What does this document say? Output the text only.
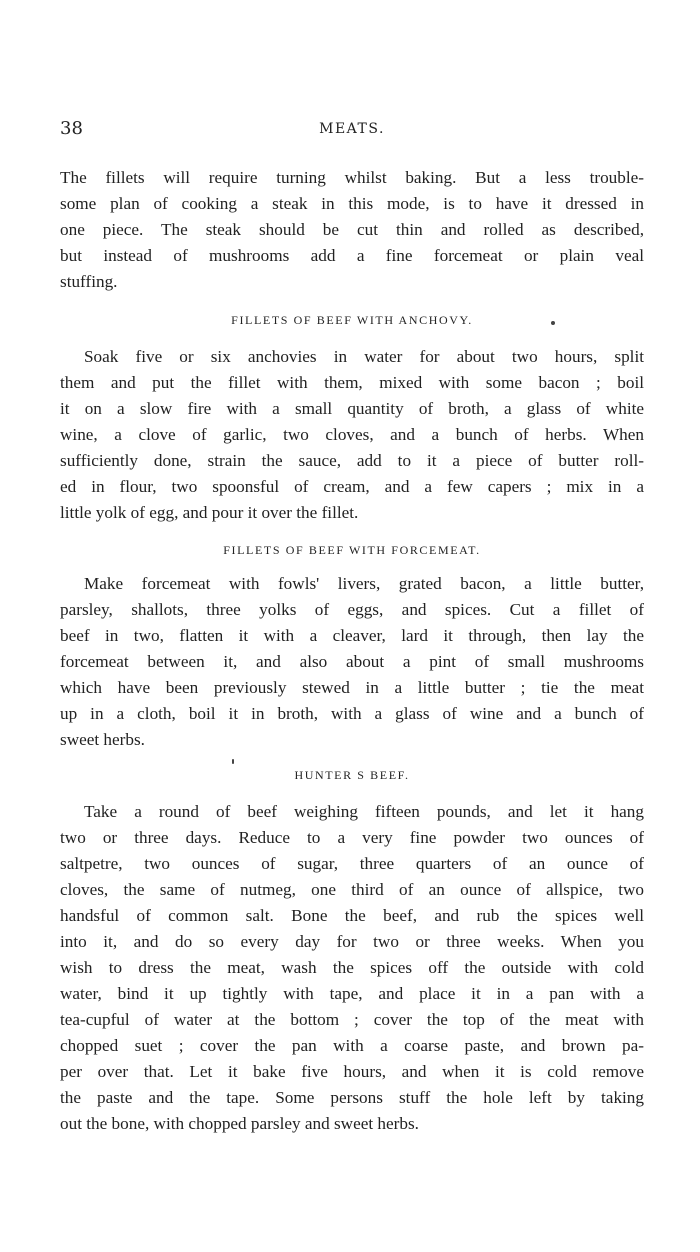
38	MEATS.
The fillets will require turning whilst baking. But a less trouble-
some plan of cooking a steak in this mode, is to have it dressed in
one piece. The steak should be cut thin and rolled as described,
but instead of mushrooms add a fine forcemeat or plain veal
stuffing.
FILLETS OF BEEF WITH ANCHOVY.
Soak five or six anchovies in water for about two hours, split
them and put the fillet with them, mixed with some bacon ; boil
it on a slow fire with a small quantity of broth, a glass of white
wine, a clove of garlic, two cloves, and a bunch of herbs. When
sufficiently done, strain the sauce, add to it a piece of butter roll-
ed in flour, two spoonsful of cream, and a few capers ; mix in a
little yolk of egg, and pour it over the fillet.
FILLETS OF BEEF WITH FORCEMEAT.
Make forcemeat with fowls' livers, grated bacon, a little butter,
parsley, shallots, three yolks of eggs, and spices. Cut a fillet of
beef in two, flatten it with a cleaver, lard it through, then lay the
forcemeat between it, and also about a pint of small mushrooms
which have been previously stewed in a little butter ; tie the meat
up in a cloth, boil it in broth, with a glass of wine and a bunch of
sweet herbs.
HUNTER S BEEF.
Take a round of beef weighing fifteen pounds, and let it hang
two or three days. Reduce to a very fine powder two ounces of
saltpetre, two ounces of sugar, three quarters of an ounce of
cloves, the same of nutmeg, one third of an ounce of allspice, two
handsful of common salt. Bone the beef, and rub the spices well
into it, and do so every day for two or three weeks. When you
wish to dress the meat, wash the spices off the outside with cold
water, bind it up tightly with tape, and place it in a pan with a
tea-cupful of water at the bottom ; cover the top of the meat with
chopped suet ; cover the pan with a coarse paste, and brown pa-
per over that. Let it bake five hours, and when it is cold remove
the paste and the tape. Some persons stuff the hole left by taking
out the bone, with chopped parsley and sweet herbs.
